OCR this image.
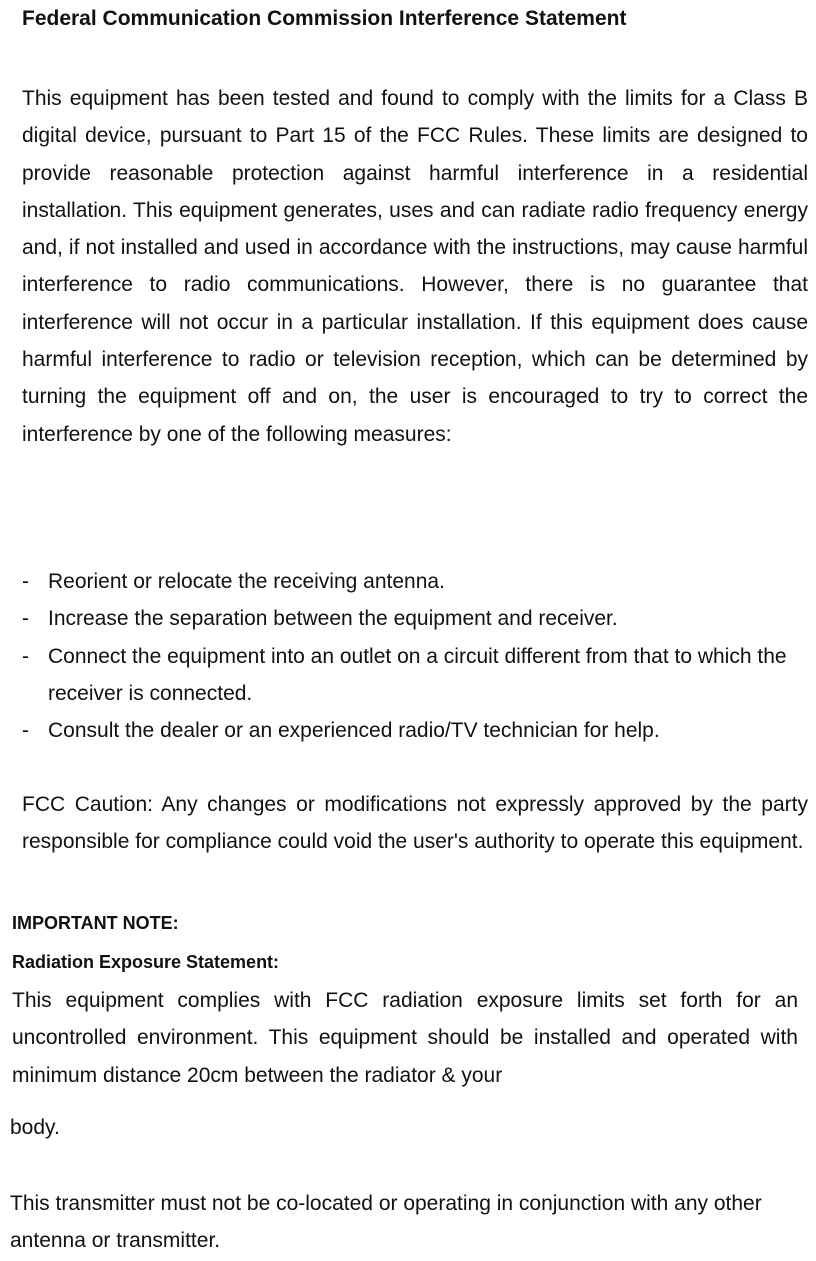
Federal Communication Commission Interference Statement

This equipment has been tested and found to comply with the limits for a Class B digital device, pursuant to Part 15 of the FCC Rules. These limits are designed to provide reasonable protection against harmful interference in a residential installation. This equipment generates, uses and can radiate radio frequency energy and, if not installed and used in accordance with the instructions, may cause harmful interference to radio communications. However, there is no guarantee that interference will not occur in a particular installation. If this equipment does cause harmful interference to radio or television reception, which can be determined by turning the equipment off and on, the user is encouraged to try to correct the interference by one of the following measures:

- Reorient or relocate the receiving antenna.
- Increase the separation between the equipment and receiver.
- Connect the equipment into an outlet on a circuit different from that to which the receiver is connected.
- Consult the dealer or an experienced radio/TV technician for help.

FCC Caution: Any changes or modifications not expressly approved by the party responsible for compliance could void the user's authority to operate this equipment.

IMPORTANT NOTE:
Radiation Exposure Statement:

This equipment complies with FCC radiation exposure limits set forth for an uncontrolled environment. This equipment should be installed and operated with minimum distance 20cm between the radiator & your

body.

This transmitter must not be co-located or operating in conjunction with any other antenna or transmitter.
